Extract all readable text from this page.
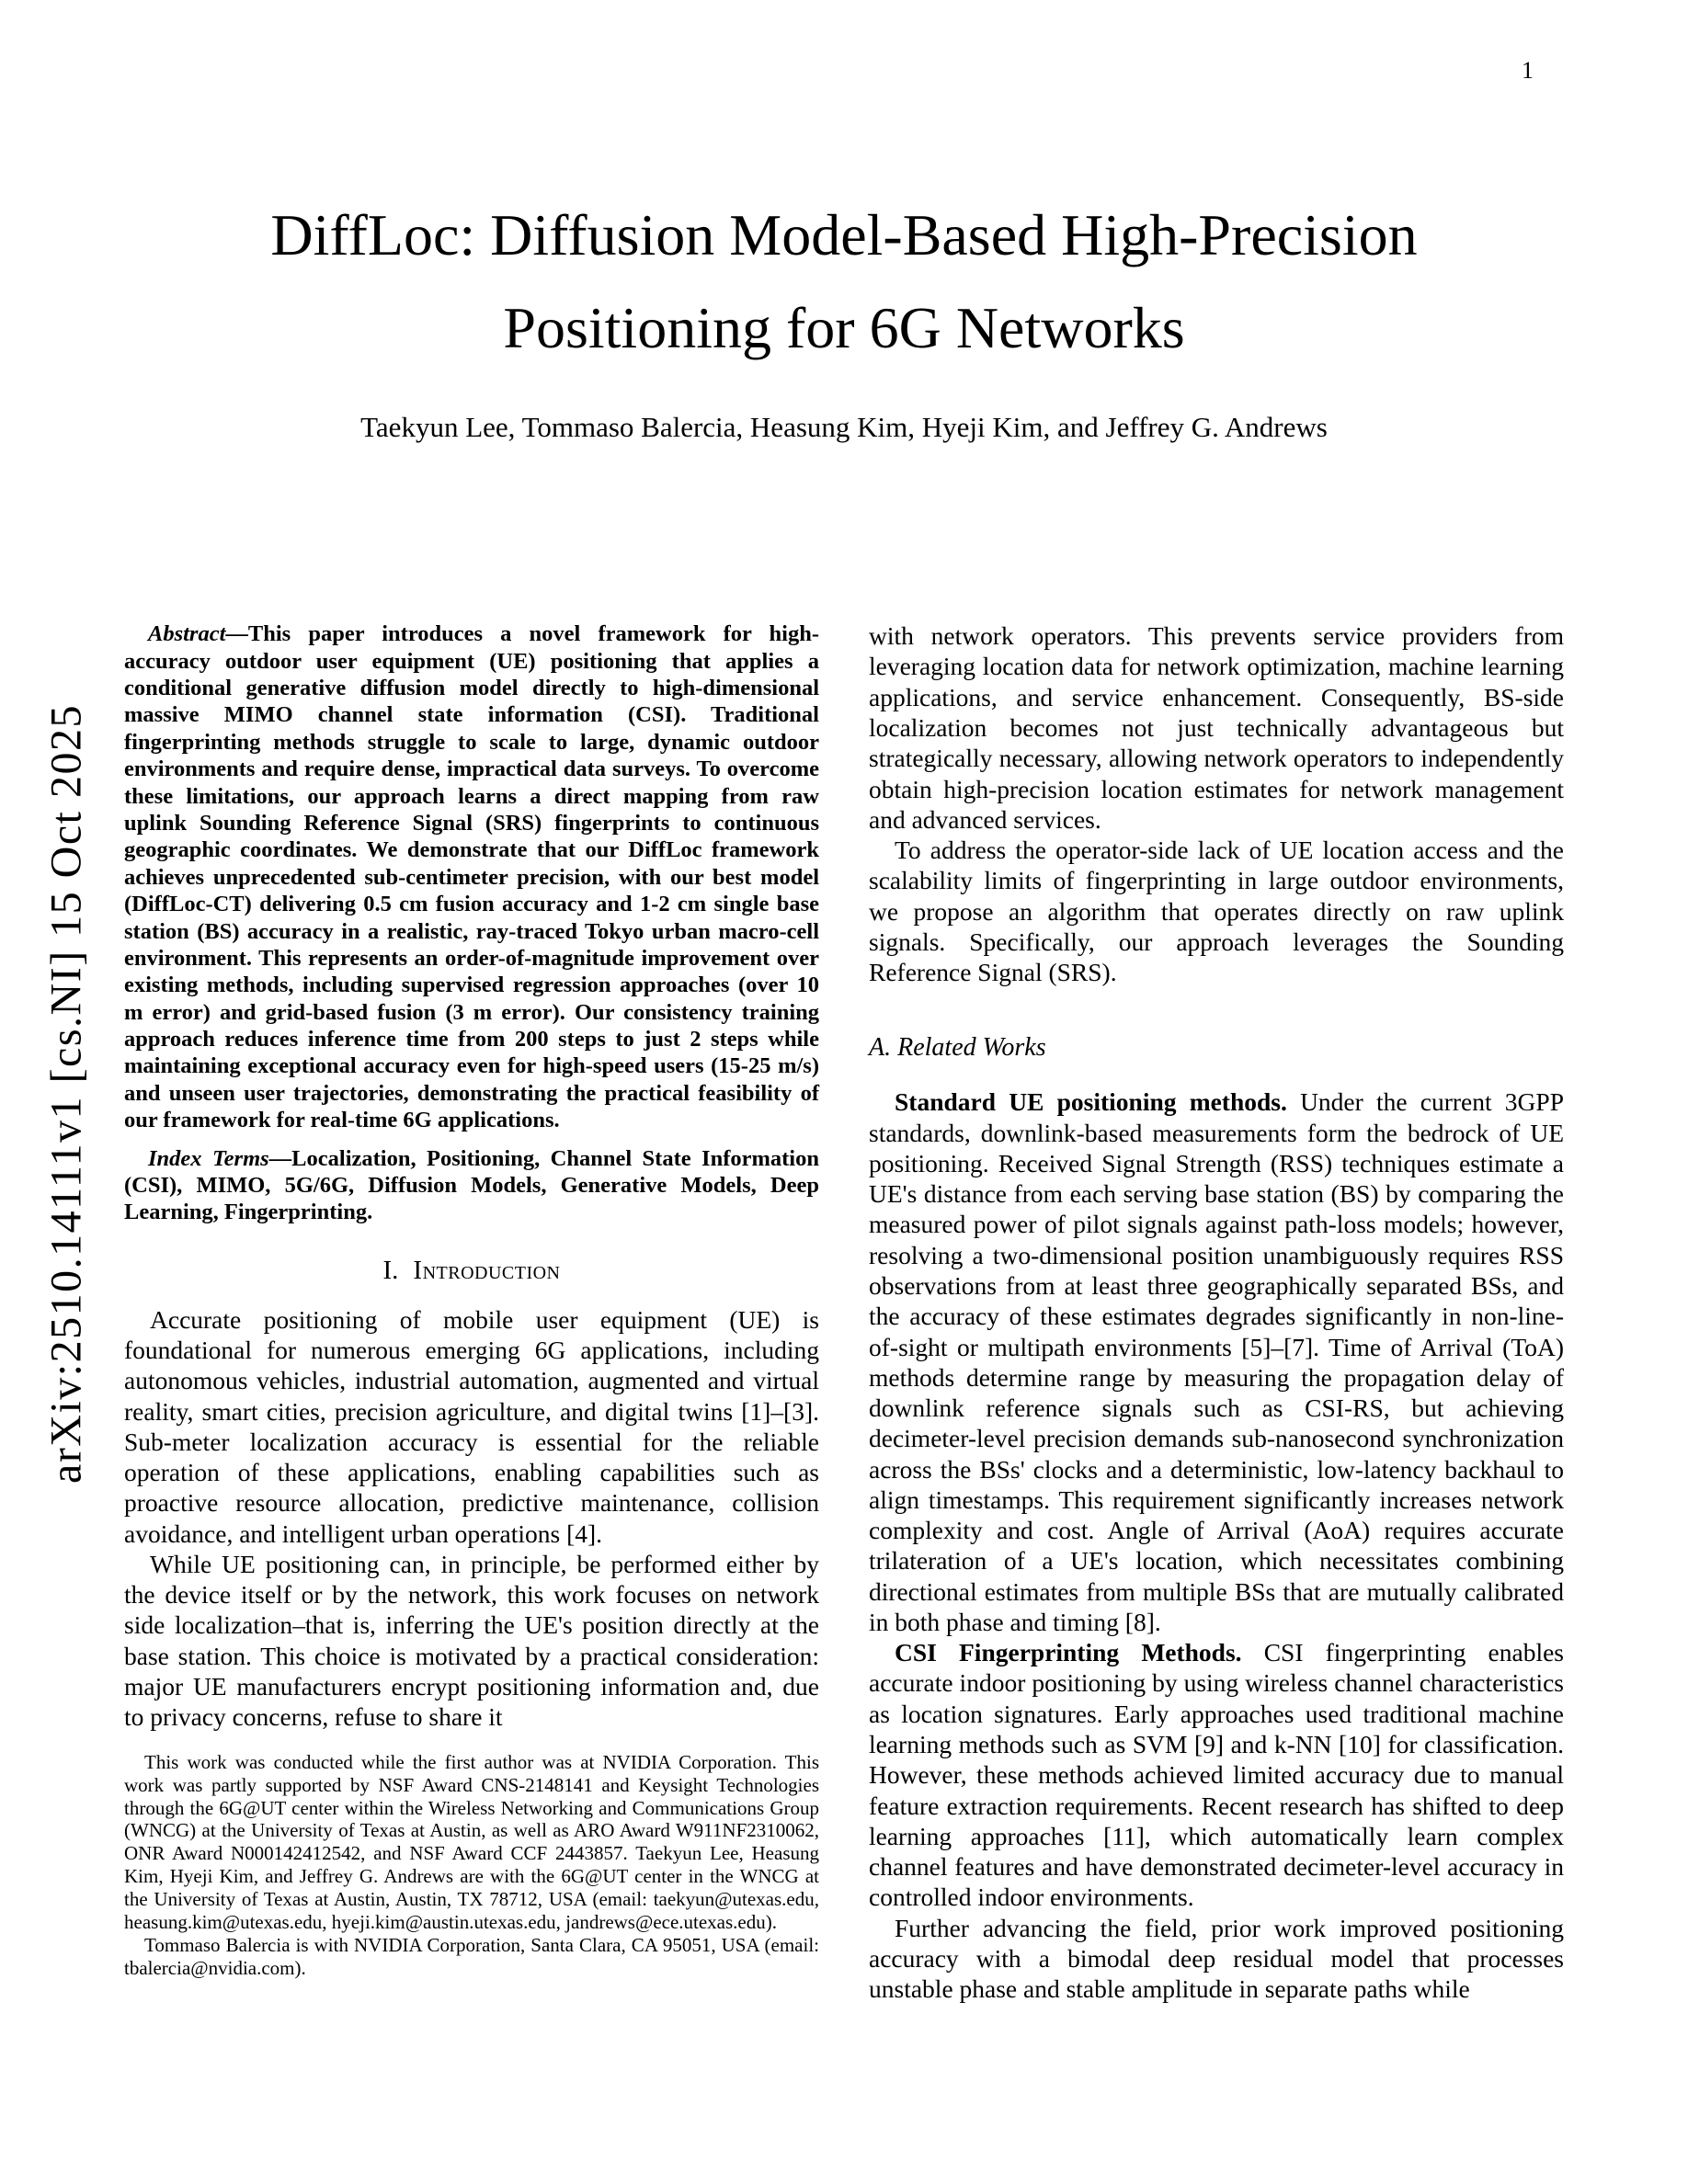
1
arXiv:2510.14111v1 [cs.NI] 15 Oct 2025
DiffLoc: Diffusion Model-Based High-Precision
Positioning for 6G Networks
Taekyun Lee, Tommaso Balercia, Heasung Kim, Hyeji Kim, and Jeffrey G. Andrews

Abstract—This paper introduces a novel framework for high-accuracy outdoor user equipment (UE) positioning that applies a conditional generative diffusion model directly to high-dimensional massive MIMO channel state information (CSI). Traditional fingerprinting methods struggle to scale to large, dynamic outdoor environments and require dense, impractical data surveys. To overcome these limitations, our approach learns a direct mapping from raw uplink Sounding Reference Signal (SRS) fingerprints to continuous geographic coordinates. We demonstrate that our DiffLoc framework achieves unprecedented sub-centimeter precision, with our best model (DiffLoc-CT) delivering 0.5 cm fusion accuracy and 1-2 cm single base station (BS) accuracy in a realistic, ray-traced Tokyo urban macro-cell environment. This represents an order-of-magnitude improvement over existing methods, including supervised regression approaches (over 10 m error) and grid-based fusion (3 m error). Our consistency training approach reduces inference time from 200 steps to just 2 steps while maintaining exceptional accuracy even for high-speed users (15-25 m/s) and unseen user trajectories, demonstrating the practical feasibility of our framework for real-time 6G applications.

Index Terms—Localization, Positioning, Channel State Information (CSI), MIMO, 5G/6G, Diffusion Models, Generative Models, Deep Learning, Fingerprinting.

I. Introduction

Accurate positioning of mobile user equipment (UE) is foundational for numerous emerging 6G applications, including autonomous vehicles, industrial automation, augmented and virtual reality, smart cities, precision agriculture, and digital twins [1]–[3]. Sub-meter localization accuracy is essential for the reliable operation of these applications, enabling capabilities such as proactive resource allocation, predictive maintenance, collision avoidance, and intelligent urban operations [4].

While UE positioning can, in principle, be performed either by the device itself or by the network, this work focuses on network side localization–that is, inferring the UE's position directly at the base station. This choice is motivated by a practical consideration: major UE manufacturers encrypt positioning information and, due to privacy concerns, refuse to share it

This work was conducted while the first author was at NVIDIA Corporation. This work was partly supported by NSF Award CNS-2148141 and Keysight Technologies through the 6G@UT center within the Wireless Networking and Communications Group (WNCG) at the University of Texas at Austin, as well as ARO Award W911NF2310062, ONR Award N000142412542, and NSF Award CCF 2443857. Taekyun Lee, Heasung Kim, Hyeji Kim, and Jeffrey G. Andrews are with the 6G@UT center in the WNCG at the University of Texas at Austin, Austin, TX 78712, USA (email: taekyun@utexas.edu, heasung.kim@utexas.edu, hyeji.kim@austin.utexas.edu, jandrews@ece.utexas.edu).

Tommaso Balercia is with NVIDIA Corporation, Santa Clara, CA 95051, USA (email: tbalercia@nvidia.com).

with network operators. This prevents service providers from leveraging location data for network optimization, machine learning applications, and service enhancement. Consequently, BS-side localization becomes not just technically advantageous but strategically necessary, allowing network operators to independently obtain high-precision location estimates for network management and advanced services.

To address the operator-side lack of UE location access and the scalability limits of fingerprinting in large outdoor environments, we propose an algorithm that operates directly on raw uplink signals. Specifically, our approach leverages the Sounding Reference Signal (SRS).

A. Related Works

Standard UE positioning methods. Under the current 3GPP standards, downlink-based measurements form the bedrock of UE positioning. Received Signal Strength (RSS) techniques estimate a UE's distance from each serving base station (BS) by comparing the measured power of pilot signals against path-loss models; however, resolving a two-dimensional position unambiguously requires RSS observations from at least three geographically separated BSs, and the accuracy of these estimates degrades significantly in non-line-of-sight or multipath environments [5]–[7]. Time of Arrival (ToA) methods determine range by measuring the propagation delay of downlink reference signals such as CSI-RS, but achieving decimeter-level precision demands sub-nanosecond synchronization across the BSs' clocks and a deterministic, low-latency backhaul to align timestamps. This requirement significantly increases network complexity and cost. Angle of Arrival (AoA) requires accurate trilateration of a UE's location, which necessitates combining directional estimates from multiple BSs that are mutually calibrated in both phase and timing [8].

CSI Fingerprinting Methods. CSI fingerprinting enables accurate indoor positioning by using wireless channel characteristics as location signatures. Early approaches used traditional machine learning methods such as SVM [9] and k-NN [10] for classification. However, these methods achieved limited accuracy due to manual feature extraction requirements. Recent research has shifted to deep learning approaches [11], which automatically learn complex channel features and have demonstrated decimeter-level accuracy in controlled indoor environments.

Further advancing the field, prior work improved positioning accuracy with a bimodal deep residual model that processes unstable phase and stable amplitude in separate paths while
